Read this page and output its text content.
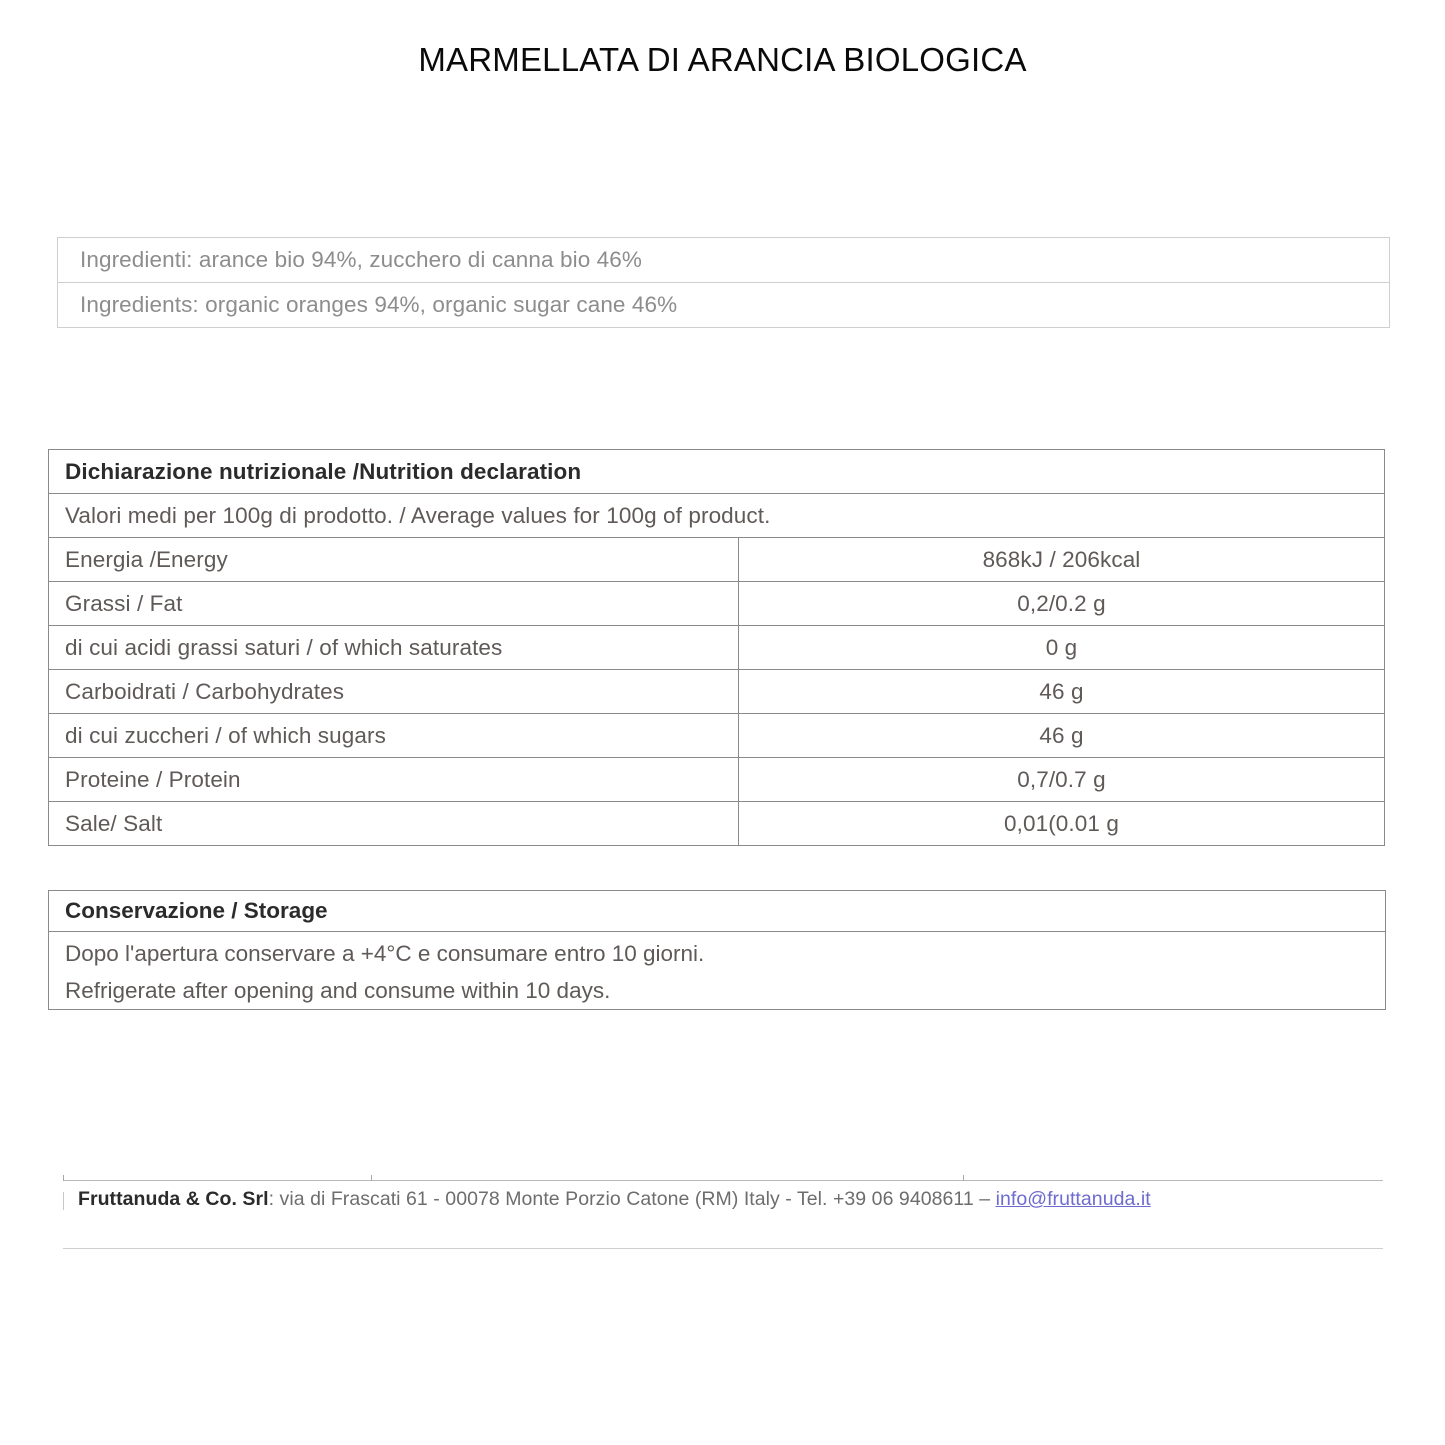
MARMELLATA DI ARANCIA BIOLOGICA
Ingredienti: arance bio 94%, zucchero di canna bio 46%
Ingredients: organic oranges 94%, organic sugar cane 46%
Dichiarazione nutrizionale /Nutrition declaration	
Valori medi per 100g di prodotto. / Average values for 100g of product.	
Energia /Energy	868kJ / 206kcal
Grassi / Fat	0,2/0.2 g
di cui acidi grassi saturi / of which saturates	0 g
Carboidrati / Carbohydrates	46 g
di cui zuccheri / of which sugars	46 g
Proteine / Protein	0,7/0.7 g
Sale/ Salt	0,01(0.01 g
Conservazione / Storage

Dopo l'apertura conservare a +4°C e consumare entro 10 giorni.
Refrigerate after opening and consume within 10 days.
Fruttanuda & Co. Srl: via di Frascati 61 - 00078 Monte Porzio Catone (RM) Italy - Tel. +39 06 9408611 – info@fruttanuda.it
